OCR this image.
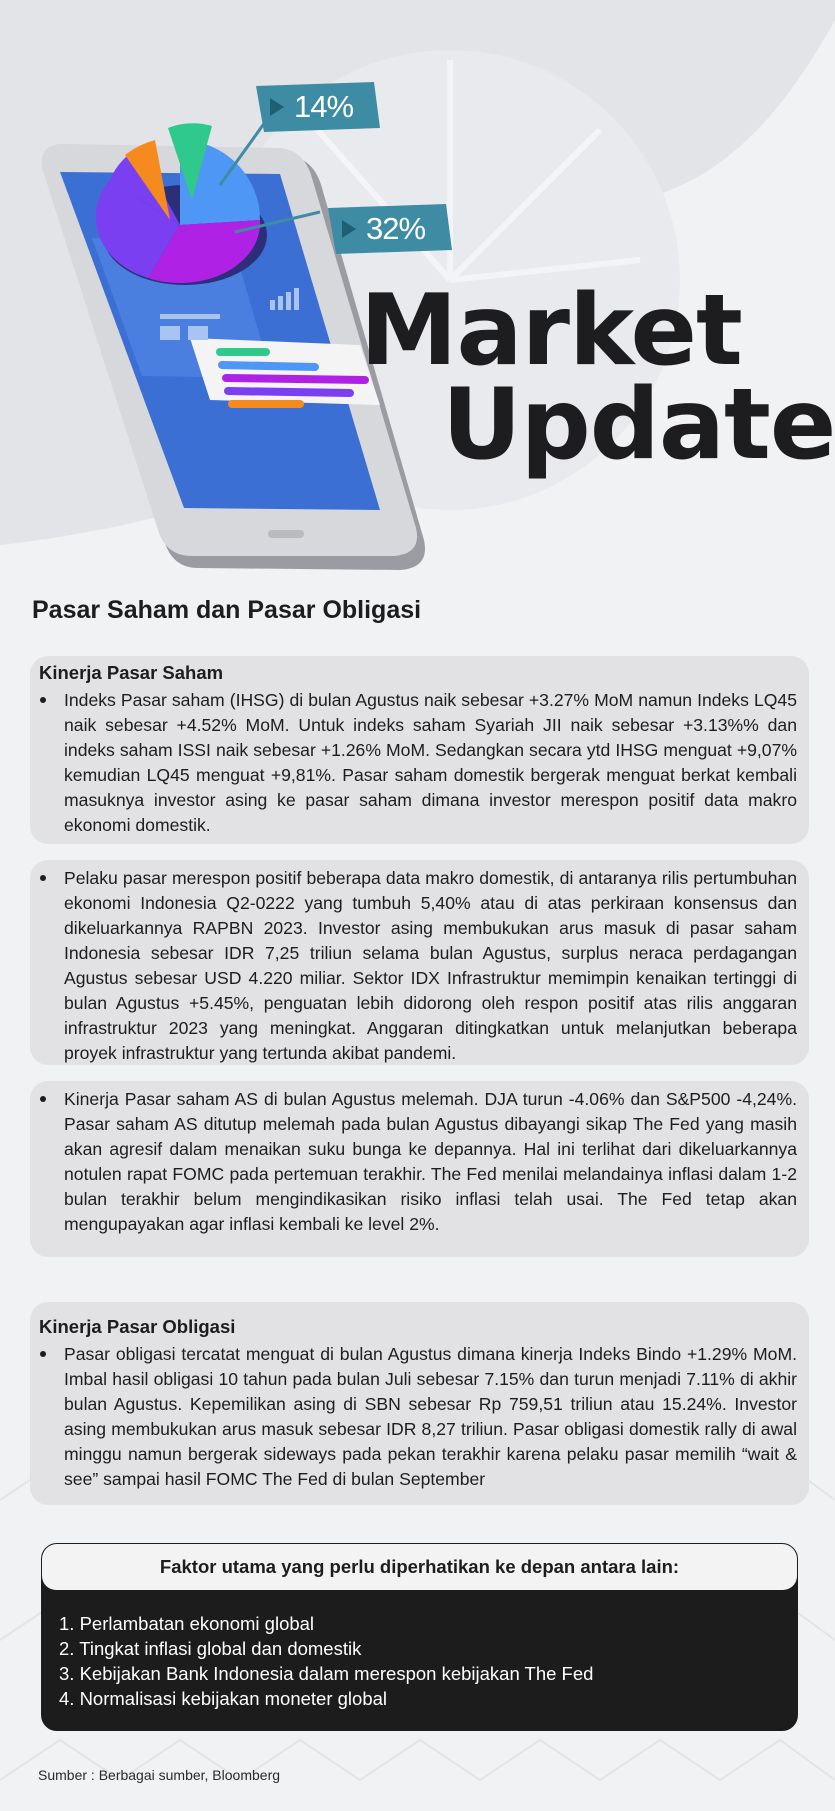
14%
32%
Market
Update
Pasar Saham dan Pasar Obligasi
Kinerja Pasar Saham

Indeks Pasar saham (IHSG) di bulan Agustus naik sebesar +3.27% MoM namun Indeks LQ45 naik sebesar +4.52% MoM. Untuk indeks saham Syariah JII naik sebesar +3.13%% dan indeks saham ISSI naik sebesar +1.26% MoM. Sedangkan secara ytd IHSG menguat +9,07% kemudian LQ45 menguat +9,81%. Pasar saham domestik bergerak menguat berkat kembali masuknya investor asing ke pasar saham dimana investor merespon positif data makro ekonomi domestik.

Pelaku pasar merespon positif beberapa data makro domestik, di antaranya rilis pertumbuhan ekonomi Indonesia Q2-0222 yang tumbuh 5,40% atau di atas perkiraan konsensus dan dikeluarkannya RAPBN 2023. Investor asing membukukan arus masuk di pasar saham Indonesia sebesar IDR 7,25 triliun selama bulan Agustus, surplus neraca perdagangan Agustus sebesar USD 4.220 miliar. Sektor IDX Infrastruktur memimpin kenaikan tertinggi di bulan Agustus +5.45%, penguatan lebih didorong oleh respon positif atas rilis anggaran infrastruktur 2023 yang meningkat. Anggaran ditingkatkan untuk melanjutkan beberapa proyek infrastruktur yang tertunda akibat pandemi.

Kinerja Pasar saham AS di bulan Agustus melemah. DJA turun -4.06% dan S&P500 -4,24%. Pasar saham AS ditutup melemah pada bulan Agustus dibayangi sikap The Fed yang masih akan agresif dalam menaikan suku bunga ke depannya. Hal ini terlihat dari dikeluarkannya notulen rapat FOMC pada pertemuan terakhir. The Fed menilai melandainya inflasi dalam 1-2 bulan terakhir belum mengindikasikan risiko inflasi telah usai. The Fed tetap akan mengupayakan agar inflasi kembali ke level 2%.

Kinerja Pasar Obligasi

Pasar obligasi tercatat menguat di bulan Agustus dimana kinerja Indeks Bindo +1.29% MoM. Imbal hasil obligasi 10 tahun pada bulan Juli sebesar 7.15% dan turun menjadi 7.11% di akhir bulan Agustus. Kepemilikan asing di SBN sebesar Rp 759,51 triliun atau 15.24%. Investor asing membukukan arus masuk sebesar IDR 8,27 triliun. Pasar obligasi domestik rally di awal minggu namun bergerak sideways pada pekan terakhir karena pelaku pasar memilih “wait & see” sampai hasil FOMC The Fed di bulan September

Faktor utama yang perlu diperhatikan ke depan antara lain:
1. Perlambatan ekonomi global
2. Tingkat inflasi global dan domestik
3. Kebijakan Bank Indonesia dalam merespon kebijakan The Fed
4. Normalisasi kebijakan moneter global
Sumber : Berbagai sumber, Bloomberg
